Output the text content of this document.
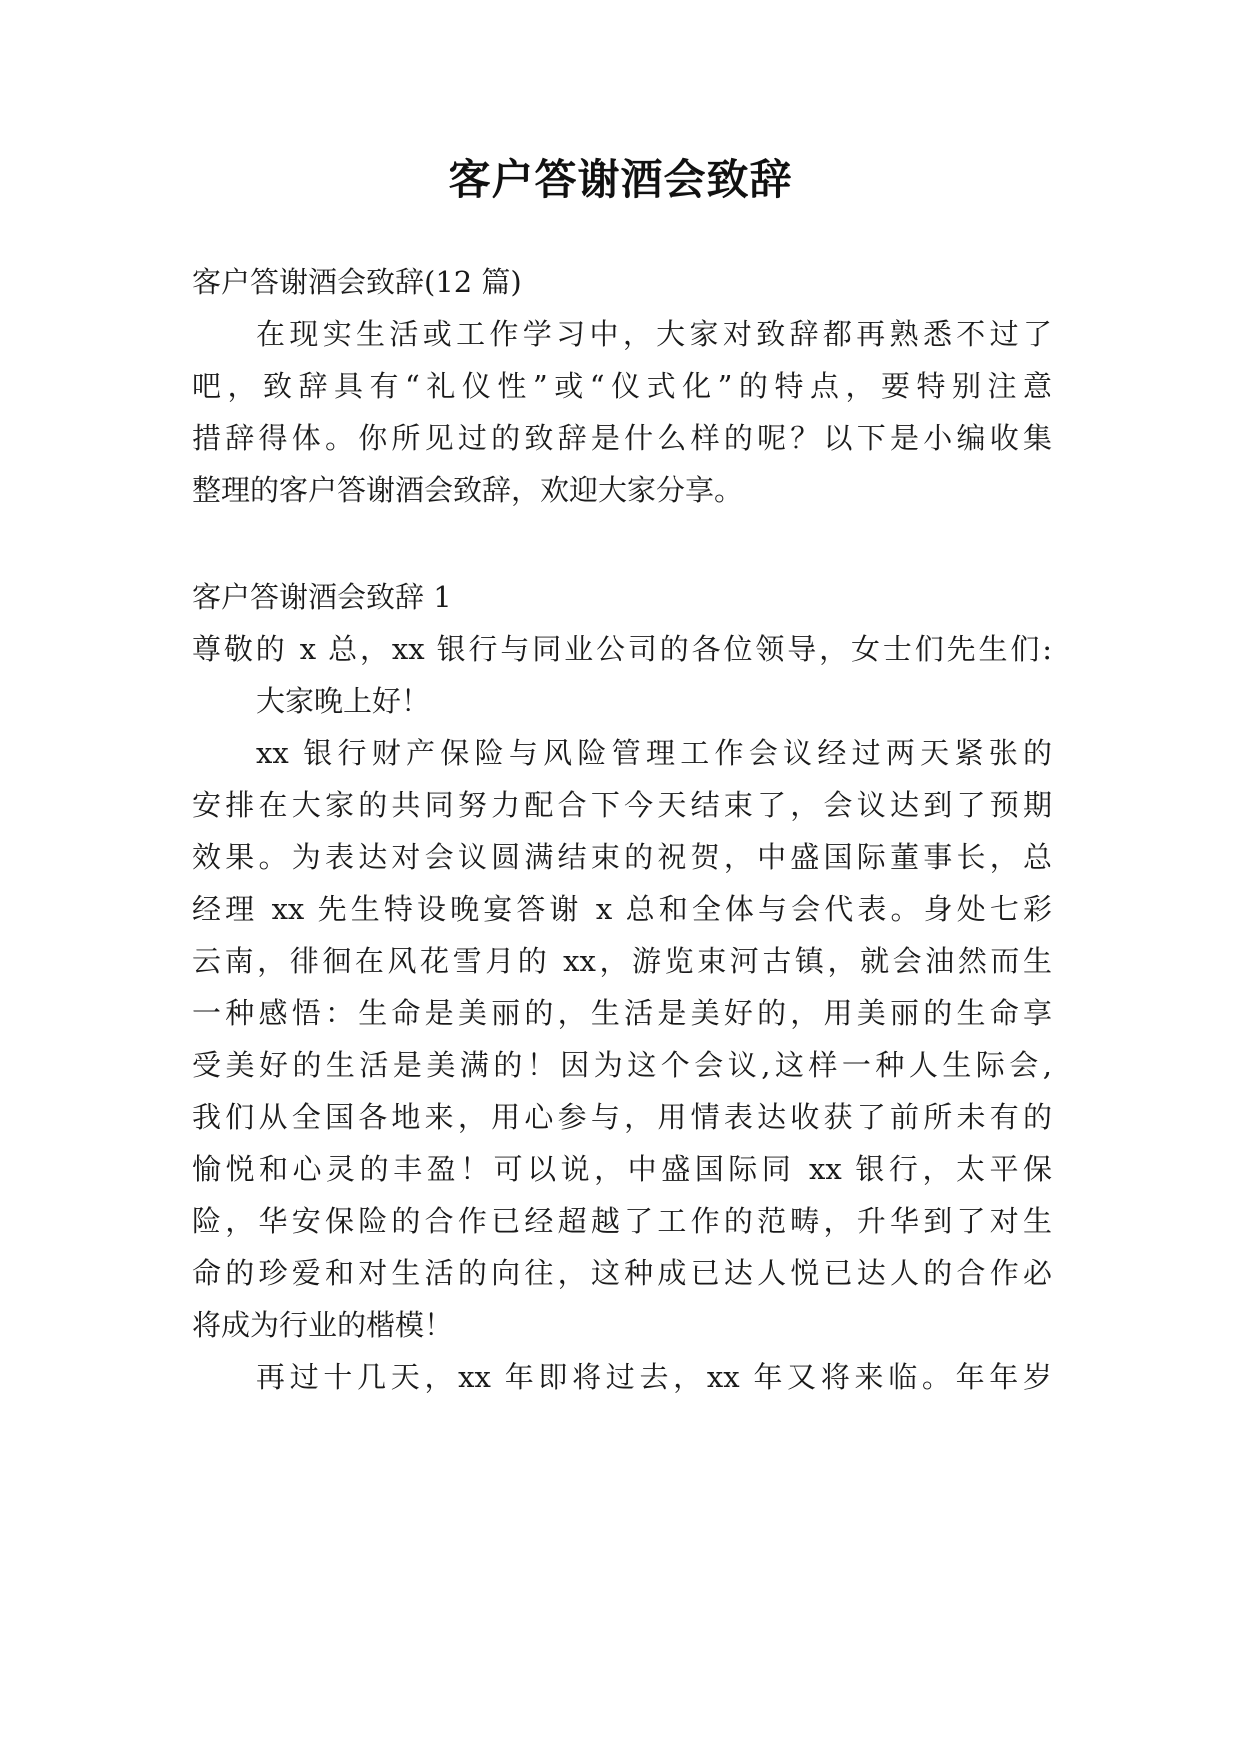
客户答谢酒会致辞
客户答谢酒会致辞(12 篇)
在现实生活或工作学习中，大家对致辞都再熟悉不过了
吧，致辞具有“礼仪性”或“仪式化”的特点，要特别注意
措辞得体。你所见过的致辞是什么样的呢？以下是小编收集
整理的客户答谢酒会致辞，欢迎大家分享。
客户答谢酒会致辞 1
尊敬的 x 总，xx 银行与同业公司的各位领导，女士们先生们:
大家晚上好！
xx 银行财产保险与风险管理工作会议经过两天紧张的
安排在大家的共同努力配合下今天结束了，会议达到了预期
效果。为表达对会议圆满结束的祝贺，中盛国际董事长，总
经理 xx 先生特设晚宴答谢 x 总和全体与会代表。身处七彩
云南，徘徊在风花雪月的 xx，游览束河古镇，就会油然而生
一种感悟：生命是美丽的，生活是美好的，用美丽的生命享
受美好的生活是美满的！因为这个会议,这样一种人生际会,
我们从全国各地来，用心参与，用情表达收获了前所未有的
愉悦和心灵的丰盈！可以说，中盛国际同 xx 银行，太平保
险，华安保险的合作已经超越了工作的范畴，升华到了对生
命的珍爱和对生活的向往，这种成已达人悦已达人的合作必
将成为行业的楷模！
再过十几天，xx 年即将过去，xx 年又将来临。年年岁
